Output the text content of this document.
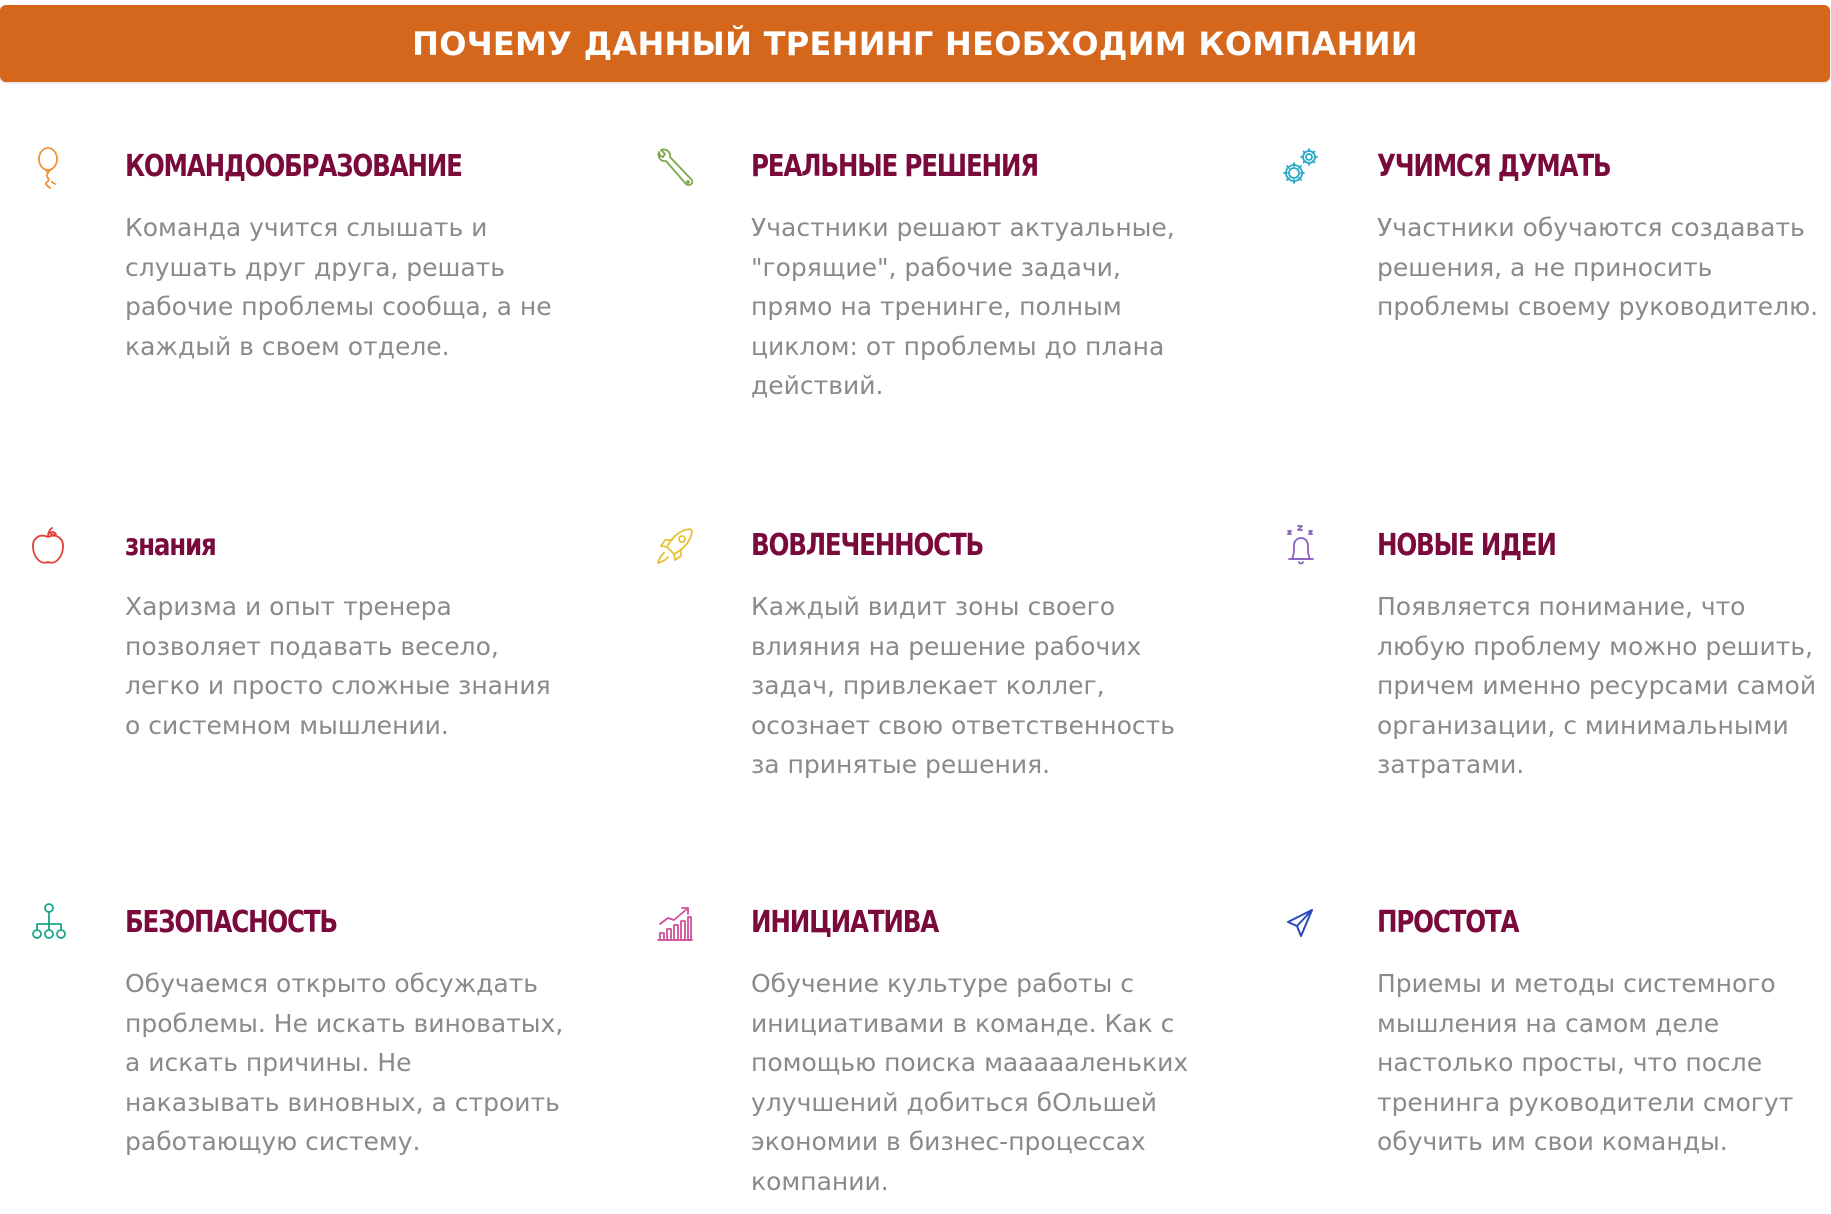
ПОЧЕМУ ДАННЫЙ ТРЕНИНГ НЕОБХОДИМ КОМПАНИИ
КОМАНДООБРАЗОВАНИЕ
Команда учится слышать и слушать друг друга, решать рабочие проблемы сообща, а не каждый в своем отделе.
РЕАЛЬНЫЕ РЕШЕНИЯ
Участники решают актуальные, "горящие", рабочие задачи, прямо на тренинге, полным циклом: от проблемы до плана действий.
УЧИМСЯ ДУМАТЬ
Участники обучаются создавать решения, а не приносить проблемы своему руководителю.
знания
Харизма и опыт тренера позволяет подавать весело, легко и просто сложные знания о системном мышлении.
ВОВЛЕЧЕННОСТЬ
Каждый видит зоны своего влияния на решение рабочих задач, привлекает коллег, осознает свою ответственность за принятые решения.
НОВЫЕ ИДЕИ
Появляется понимание, что любую проблему можно решить, причем именно ресурсами самой организации, с минимальными затратами.
БЕЗОПАСНОСТЬ
Обучаемся открыто обсуждать проблемы. Не искать виноватых, а искать причины. Не наказывать виновных, а строить работающую систему.
ИНИЦИАТИВА
Обучение культуре работы с инициативами в команде. Как с помощью поиска маааааленьких улучшений добиться бОльшей экономии в бизнес-процессах компании.
ПРОСТОТА
Приемы и методы системного мышления на самом деле настолько просты, что после тренинга руководители смогут обучить им свои команды.
